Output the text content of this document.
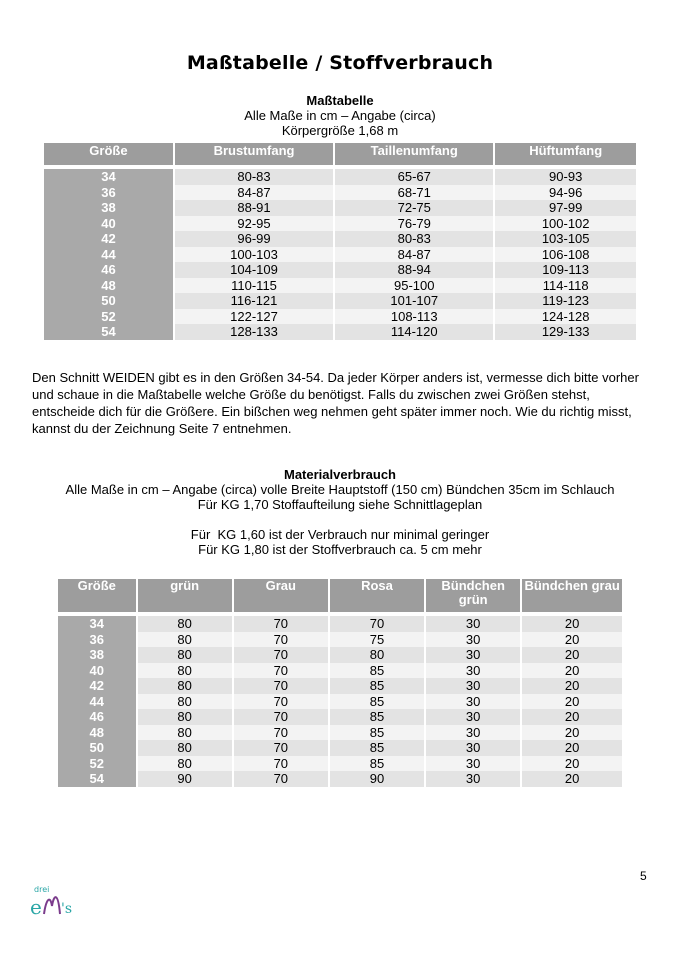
Maßtabelle / Stoffverbrauch
Maßtabelle
Alle Maße in cm – Angabe (circa)
Körpergröße 1,68 m
Größe	Brustumfang	Taillenumfang	Hüftumfang

34	80-83	65-67	90-93
36	84-87	68-71	94-96
38	88-91	72-75	97-99
40	92-95	76-79	100-102
42	96-99	80-83	103-105
44	100-103	84-87	106-108
46	104-109	88-94	109-113
48	110-115	95-100	114-118
50	116-121	101-107	119-123
52	122-127	108-113	124-128
54	128-133	114-120	129-133
Den Schnitt WEIDEN gibt es in den Größen 34-54. Da jeder Körper anders ist, vermesse dich bitte vorher und schaue in die Maßtabelle welche Größe du benötigst. Falls du zwischen zwei Größen stehst, entscheide dich für die Größere. Ein bißchen weg nehmen geht später immer noch. Wie du richtig misst, kannst du der Zeichnung Seite 7 entnehmen.
Materialverbrauch
Alle Maße in cm – Angabe (circa) volle Breite Hauptstoff (150 cm) Bündchen 35cm im Schlauch
Für KG 1,70 Stoffaufteilung siehe Schnittlageplan
Für  KG 1,60 ist der Verbrauch nur minimal geringer
Für KG 1,80 ist der Stoffverbrauch ca. 5 cm mehr
Größe	grün	Grau	Rosa	Bündchen grün	Bündchen grau

34	80	70	70	30	20
36	80	70	75	30	20
38	80	70	80	30	20
40	80	70	85	30	20
42	80	70	85	30	20
44	80	70	85	30	20
46	80	70	85	30	20
48	80	70	85	30	20
50	80	70	85	30	20
52	80	70	85	30	20
54	90	70	90	30	20
5
drei
e 's
